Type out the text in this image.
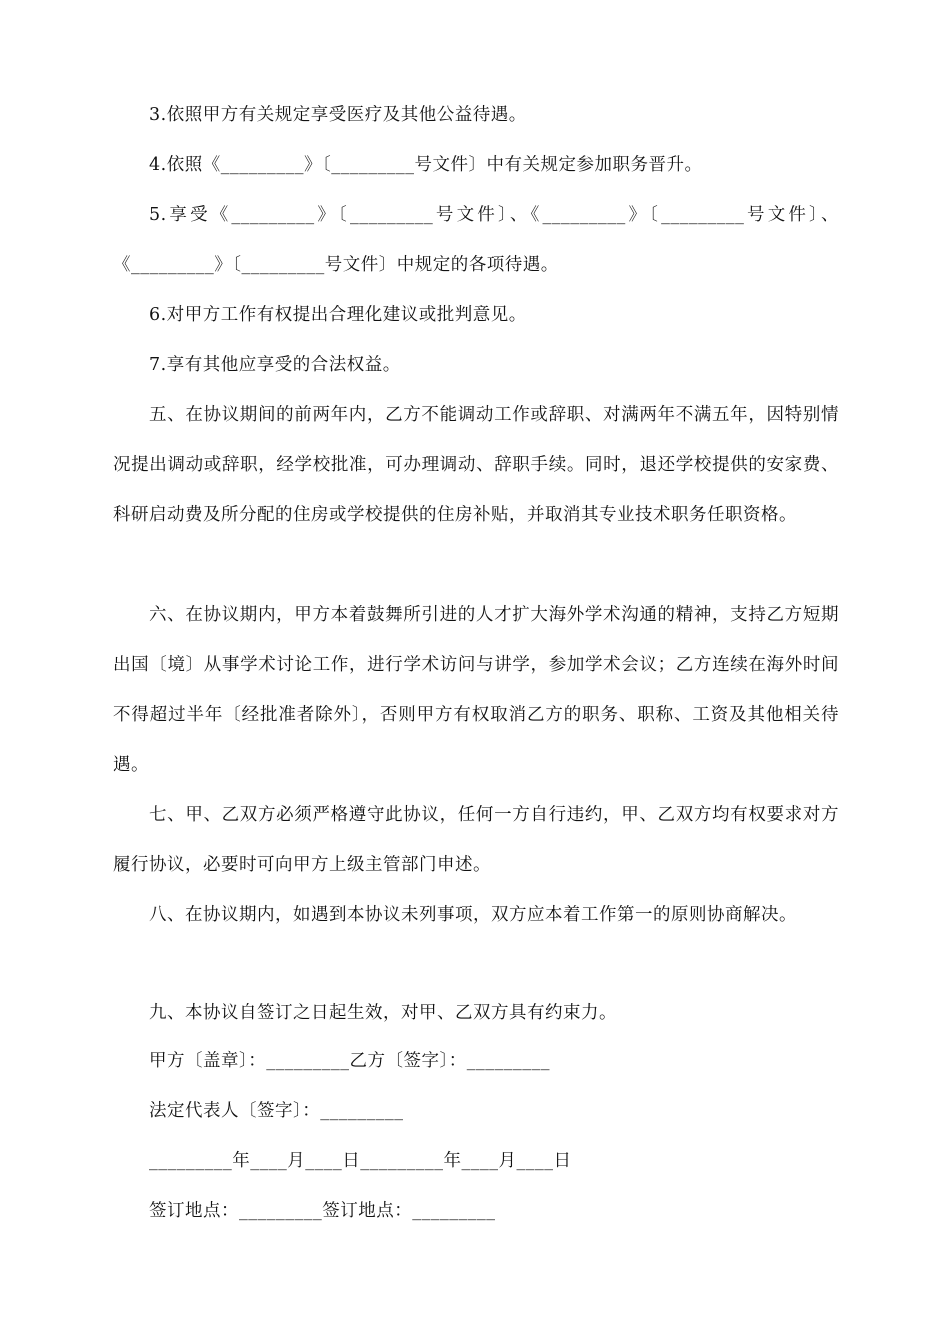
3.依照甲方有关规定享受医疗及其他公益待遇。

4.依照《_________》〔_________号文件〕中有关规定参加职务晋升。

5.享受《_________》〔_________号文件〕、《_________》〔_________号文件〕、《_________》〔_________号文件〕中规定的各项待遇。

6.对甲方工作有权提出合理化建议或批判意见。

7.享有其他应享受的合法权益。

五、在协议期间的前两年内，乙方不能调动工作或辞职、对满两年不满五年，因特别情况提出调动或辞职，经学校批准，可办理调动、辞职手续。同时，退还学校提供的安家费、科研启动费及所分配的住房或学校提供的住房补贴，并取消其专业技术职务任职资格。

六、在协议期内，甲方本着鼓舞所引进的人才扩大海外学术沟通的精神，支持乙方短期出国〔境〕从事学术讨论工作，进行学术访问与讲学，参加学术会议；乙方连续在海外时间不得超过半年〔经批准者除外〕，否则甲方有权取消乙方的职务、职称、工资及其他相关待遇。

七、甲、乙双方必须严格遵守此协议，任何一方自行违约，甲、乙双方均有权要求对方履行协议，必要时可向甲方上级主管部门申述。

八、在协议期内，如遇到本协议未列事项，双方应本着工作第一的原则协商解决。

九、本协议自签订之日起生效，对甲、乙双方具有约束力。

甲方〔盖章〕：_________乙方〔签字〕：_________

法定代表人〔签字〕：_________

_________年____月____日_________年____月____日

签订地点：_________签订地点：_________
